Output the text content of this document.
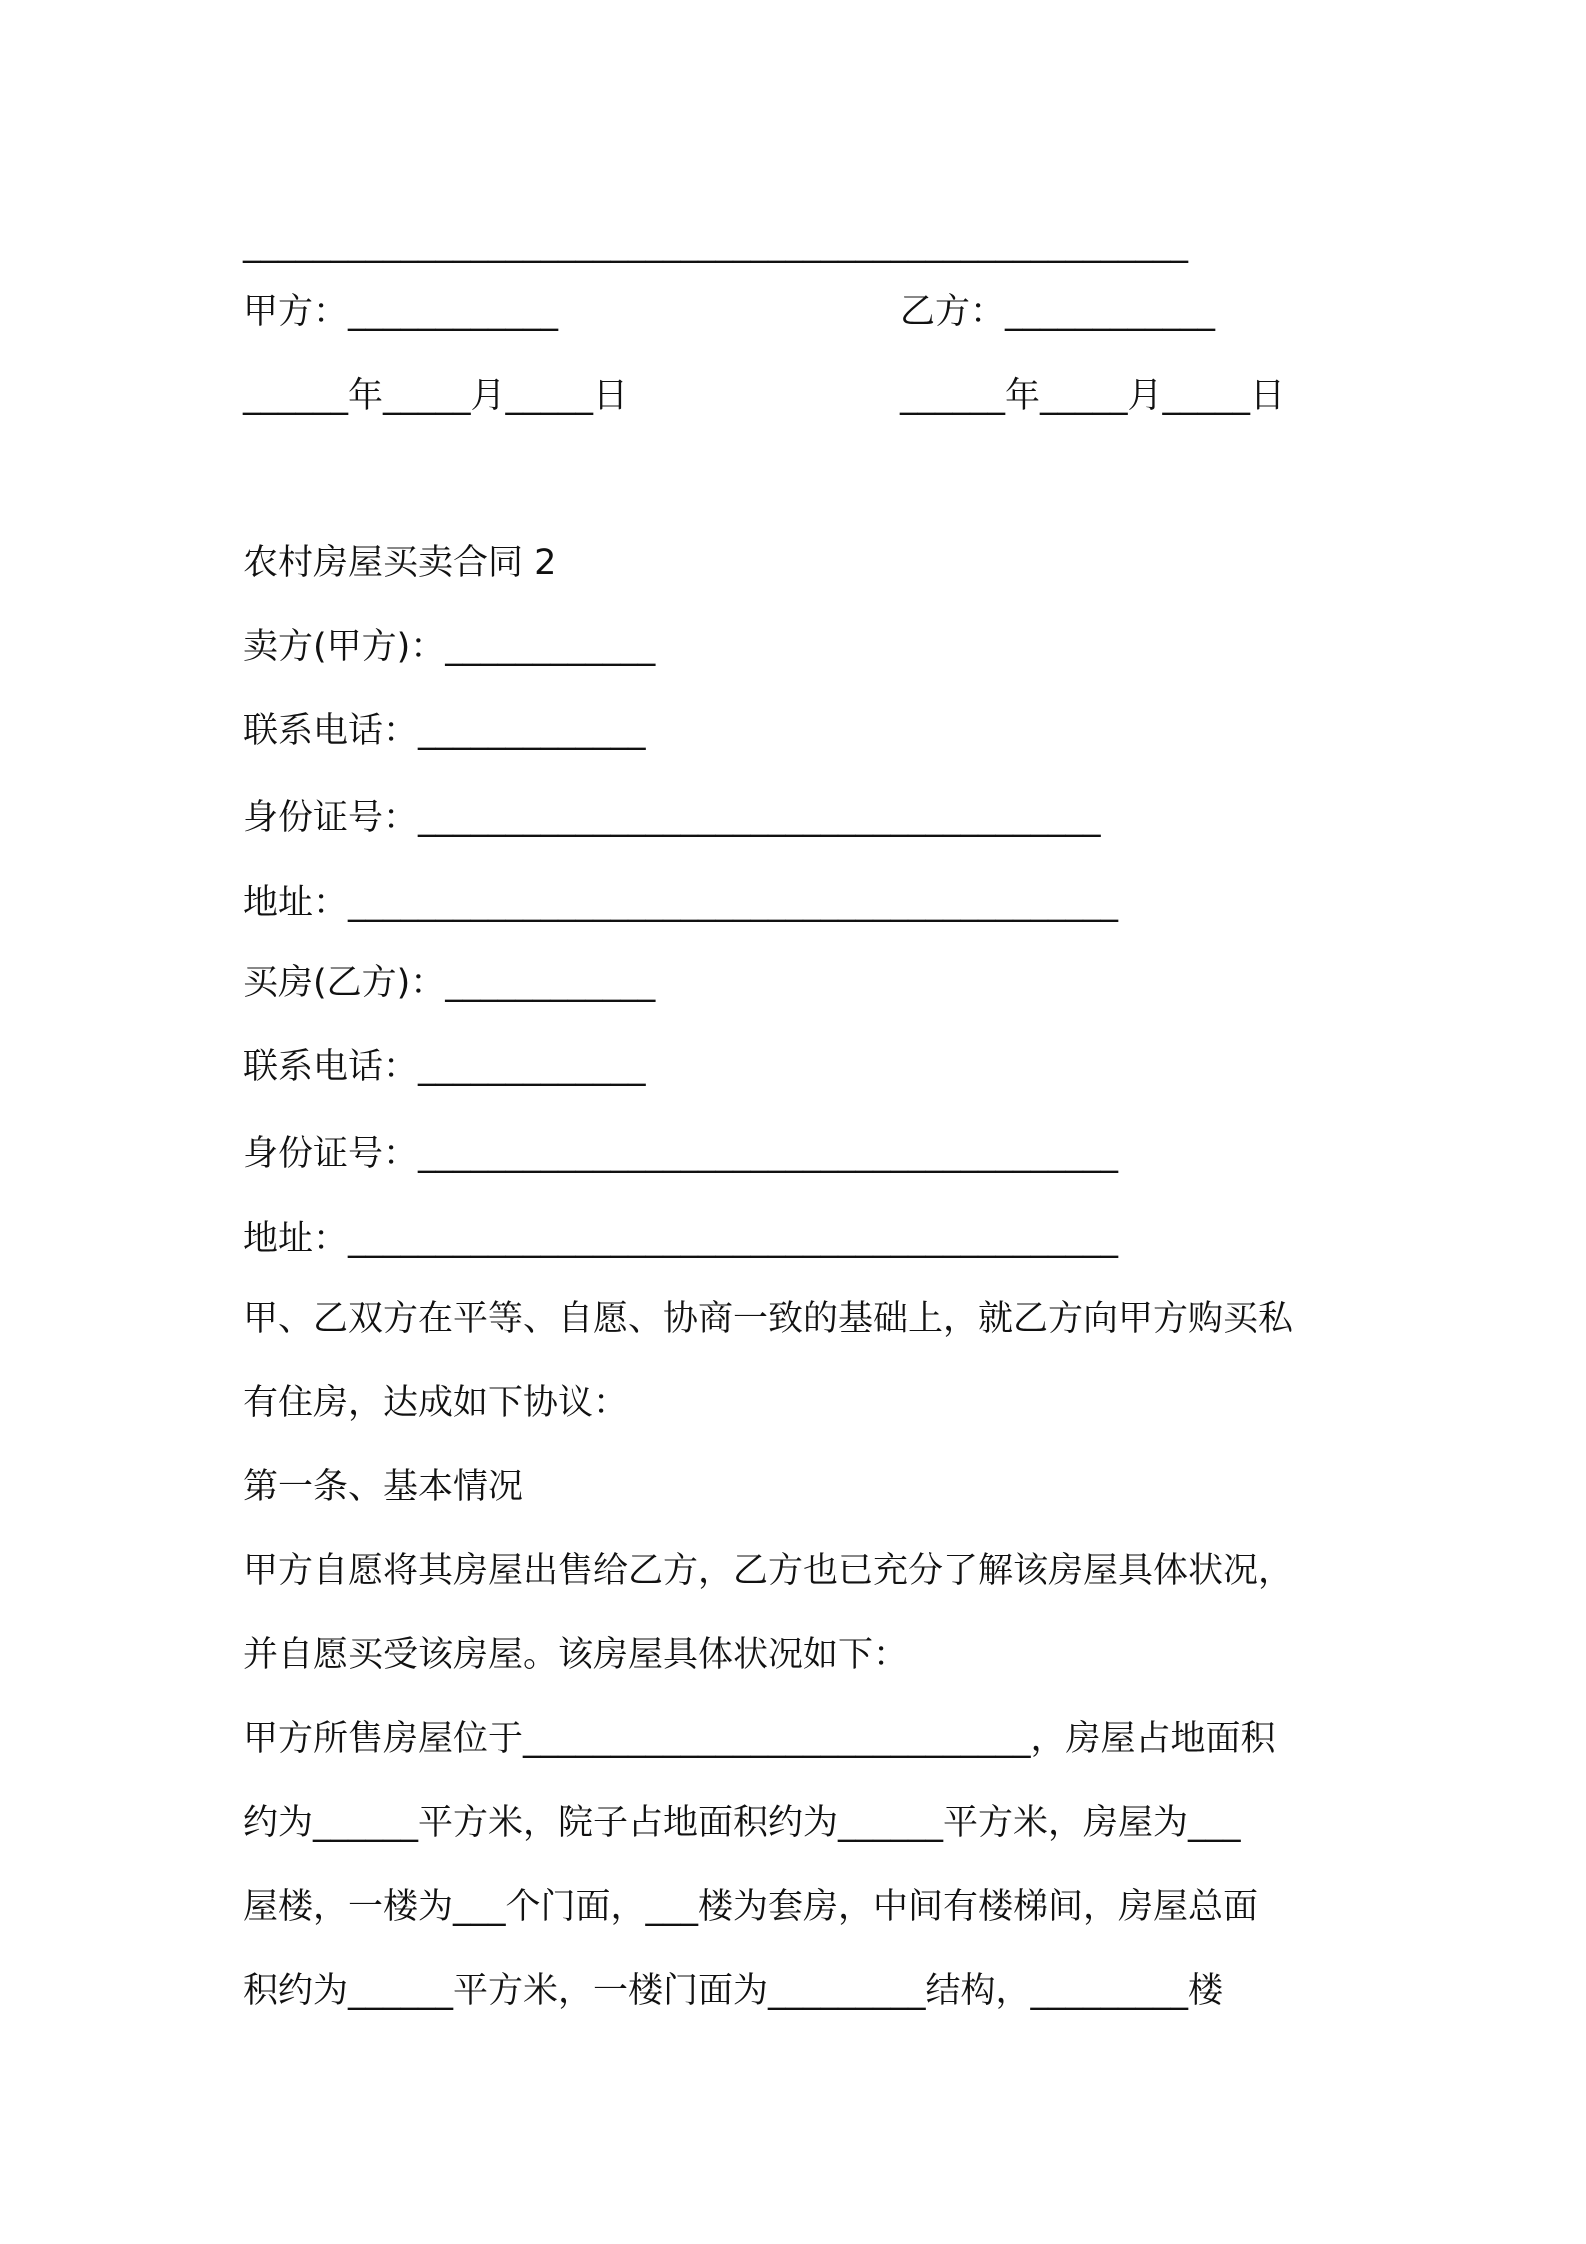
______________________________________________________

甲方：____________	乙方：____________

______年_____月_____日	______年_____月_____日

农村房屋买卖合同 2

卖方(甲方)：____________

联系电话：_____________

身份证号：_______________________________________

地址：____________________________________________

买房(乙方)：____________

联系电话：_____________

身份证号：________________________________________

地址：____________________________________________

甲、乙双方在平等、自愿、协商一致的基础上，就乙方向甲方购买私

有住房，达成如下协议：

第一条、基本情况

甲方自愿将其房屋出售给乙方，乙方也已充分了解该房屋具体状况，

并自愿买受该房屋。该房屋具体状况如下：

甲方所售房屋位于_____________________________，房屋占地面积

约为______平方米，院子占地面积约为______平方米，房屋为___

屋楼，一楼为___个门面，___楼为套房，中间有楼梯间，房屋总面

积约为______平方米，一楼门面为_________结构，_________楼
